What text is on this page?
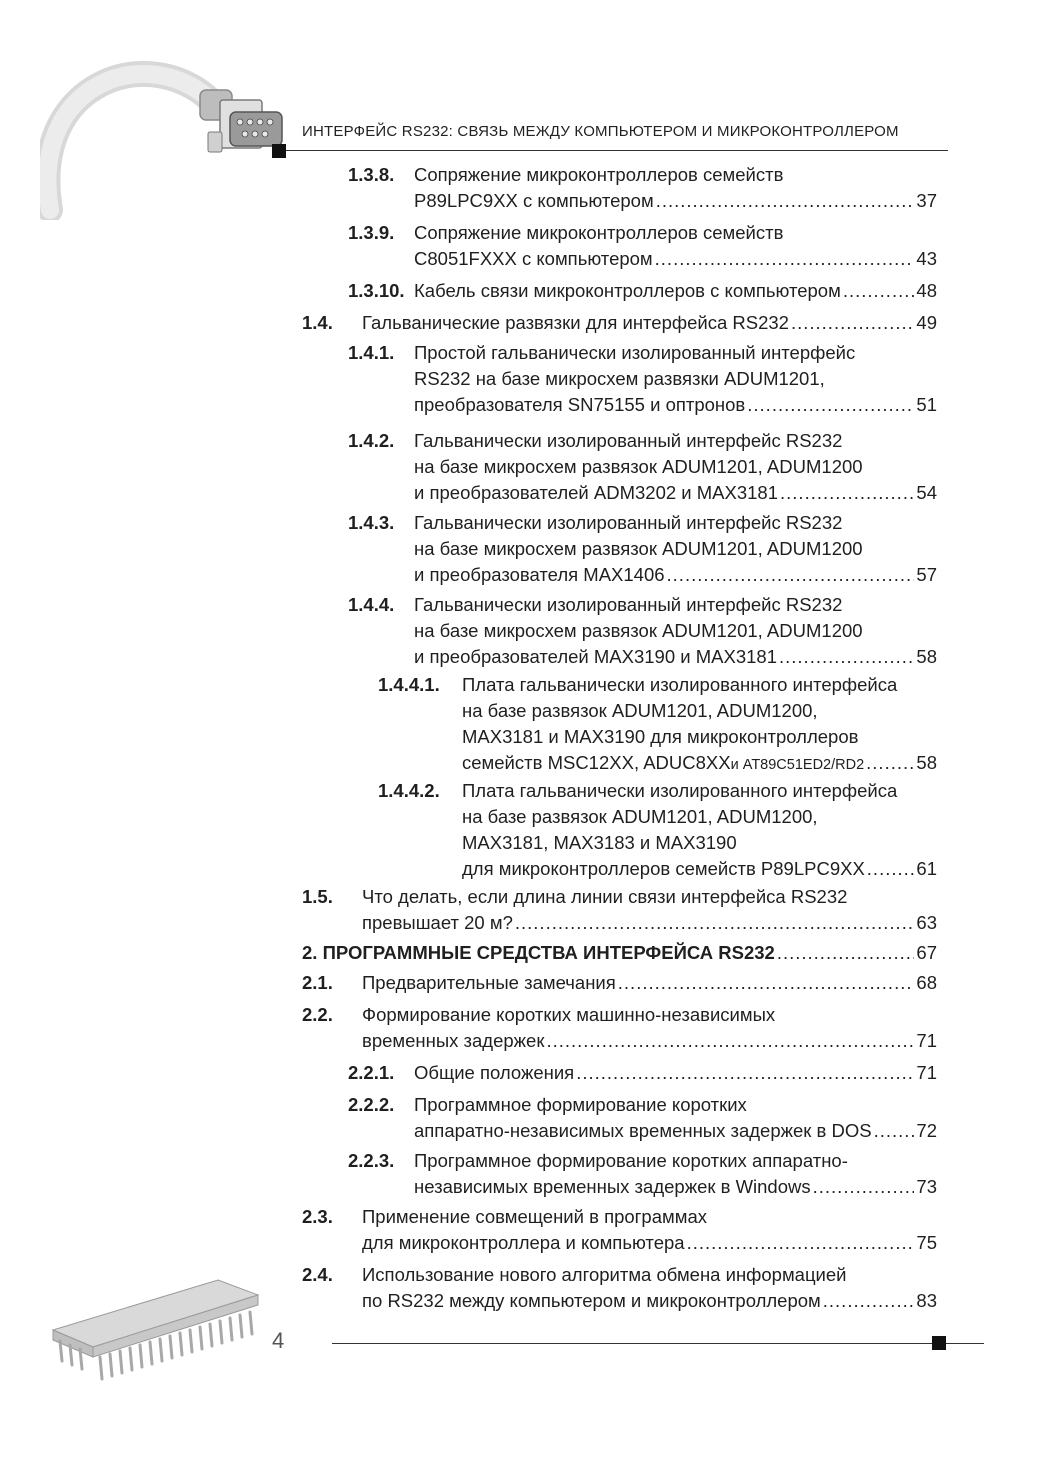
ИНТЕРФЕЙС RS232: СВЯЗЬ МЕЖДУ КОМПЬЮТЕРОМ И МИКРОКОНТРОЛЛЕРОМ
1.3.8. Сопряжение микроконтроллеров семейств
P89LPC9XX с компьютером .....	37
1.3.9. Сопряжение микроконтроллеров семейств
C8051FXXX с компьютером .....	43
1.3.10. Кабель связи микроконтроллеров с компьютером .....	48
1.4. Гальванические развязки для интерфейса RS232 .....	49
1.4.1. Простой гальванически изолированный интерфейс
RS232 на базе микросхем развязки ADUM1201,
преобразователя SN75155 и оптронов .....	51
1.4.2. Гальванически изолированный интерфейс RS232
на базе микросхем развязок ADUM1201, ADUM1200
и преобразователей ADM3202 и MAX3181 .....	54
1.4.3. Гальванически изолированный интерфейс RS232
на базе микросхем развязок ADUM1201, ADUM1200
и преобразователя MAX1406 .....	57
1.4.4. Гальванически изолированный интерфейс RS232
на базе микросхем развязок ADUM1201, ADUM1200
и преобразователей MAX3190 и MAX3181 .....	58
1.4.4.1. Плата гальванически изолированного интерфейса
на базе развязок ADUM1201, ADUM1200,
MAX3181 и MAX3190 для микроконтроллеров
семейств MSC12XX, ADUC8XX и AT89C51ED2/RD2 .....	58
1.4.4.2. Плата гальванически изолированного интерфейса
на базе развязок ADUM1201, ADUM1200,
MAX3181, MAX3183 и MAX3190
для микроконтроллеров семейств P89LPC9XX .....	61
1.5. Что делать, если длина линии связи интерфейса RS232
превышает 20 м? .....	63
2. ПРОГРАММНЫЕ СРЕДСТВА ИНТЕРФЕЙСА RS232 .....	67
2.1. Предварительные замечания .....	68
2.2. Формирование коротких машинно-независимых
временных задержек .....	71
2.2.1. Общие положения .....	71
2.2.2. Программное формирование коротких
аппаратно-независимых временных задержек в DOS ..... 72
2.2.3. Программное формирование коротких аппаратно-
независимых временных задержек в Windows .....	73
2.3. Применение совмещений в программах
для микроконтроллера и компьютера .....	75
2.4. Использование нового алгоритма обмена информацией
по RS232 между компьютером и микроконтроллером .....	83
4
